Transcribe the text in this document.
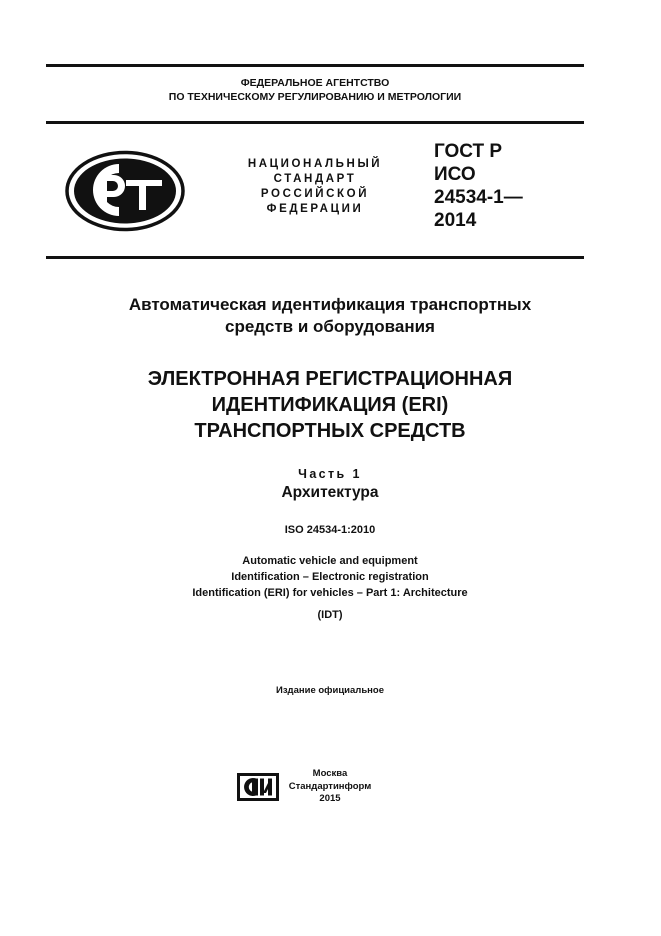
ФЕДЕРАЛЬНОЕ АГЕНТСТВО
ПО ТЕХНИЧЕСКОМУ РЕГУЛИРОВАНИЮ И МЕТРОЛОГИИ
НАЦИОНАЛЬНЫЙ
СТАНДАРТ
РОССИЙСКОЙ
ФЕДЕРАЦИИ
ГОСТ Р
ИСО
24534-1—
2014
Автоматическая идентификация транспортных
средств и оборудования
ЭЛЕКТРОННАЯ РЕГИСТРАЦИОННАЯ
ИДЕНТИФИКАЦИЯ (ERI)
ТРАНСПОРТНЫХ СРЕДСТВ
Часть 1
Архитектура
ISO 24534-1:2010
Automatic vehicle and equipment
Identification – Electronic registration
Identification (ERI) for vehicles – Part 1: Architecture
(IDT)
Издание официальное
Москва
Стандартинформ
2015
